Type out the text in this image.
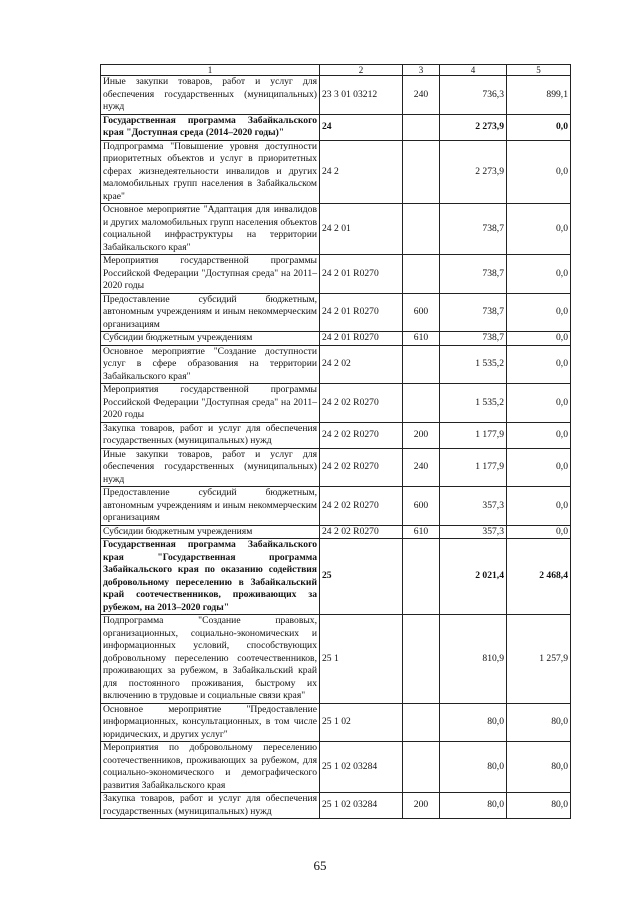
1	2	3	4	5
Иные закупки товаров, работ и услуг для обеспечения государственных (муниципальных) нужд	23 3 01 03212	240	736,3	899,1
Государственная программа Забайкальского края "Доступная среда (2014–2020 годы)"	24		2 273,9	0,0
Подпрограмма "Повышение уровня доступности приоритетных объектов и услуг в приоритетных сферах жизнедеятельности инвалидов и других маломобильных групп населения в Забайкальском крае"	24 2		2 273,9	0,0
Основное мероприятие "Адаптация для инвалидов и других маломобильных групп населения объектов социальной инфраструктуры на территории Забайкальского края"	24 2 01		738,7	0,0
Мероприятия государственной программы Российской Федерации "Доступная среда" на 2011–2020 годы	24 2 01 R0270		738,7	0,0
Предоставление субсидий бюджетным, автономным учреждениям и иным некоммерческим организациям	24 2 01 R0270	600	738,7	0,0
Субсидии бюджетным учреждениям	24 2 01 R0270	610	738,7	0,0
Основное мероприятие "Создание доступности услуг в сфере образования на территории Забайкальского края"	24 2 02		1 535,2	0,0
Мероприятия государственной программы Российской Федерации "Доступная среда" на 2011–2020 годы	24 2 02 R0270		1 535,2	0,0
Закупка товаров, работ и услуг для обеспечения государственных (муниципальных) нужд	24 2 02 R0270	200	1 177,9	0,0
Иные закупки товаров, работ и услуг для обеспечения государственных (муниципальных) нужд	24 2 02 R0270	240	1 177,9	0,0
Предоставление субсидий бюджетным, автономным учреждениям и иным некоммерческим организациям	24 2 02 R0270	600	357,3	0,0
Субсидии бюджетным учреждениям	24 2 02 R0270	610	357,3	0,0
Государственная программа Забайкальского края "Государственная программа Забайкальского края по оказанию содействия добровольному переселению в Забайкальский край соотечественников, проживающих за рубежом, на 2013–2020 годы"	25		2 021,4	2 468,4
Подпрограмма "Создание правовых, организационных, социально-экономических и информационных условий, способствующих добровольному переселению соотечественников, проживающих за рубежом, в Забайкальский край для постоянного проживания, быстрому их включению в трудовые и социальные связи края"	25 1		810,9	1 257,9
Основное мероприятие "Предоставление информационных, консультационных, в том числе юридических, и других услуг"	25 1 02		80,0	80,0
Мероприятия по добровольному переселению соотечественников, проживающих за рубежом, для социально-экономического и демографического развития Забайкальского края	25 1 02 03284		80,0	80,0
Закупка товаров, работ и услуг для обеспечения государственных (муниципальных) нужд	25 1 02 03284	200	80,0	80,0
65
